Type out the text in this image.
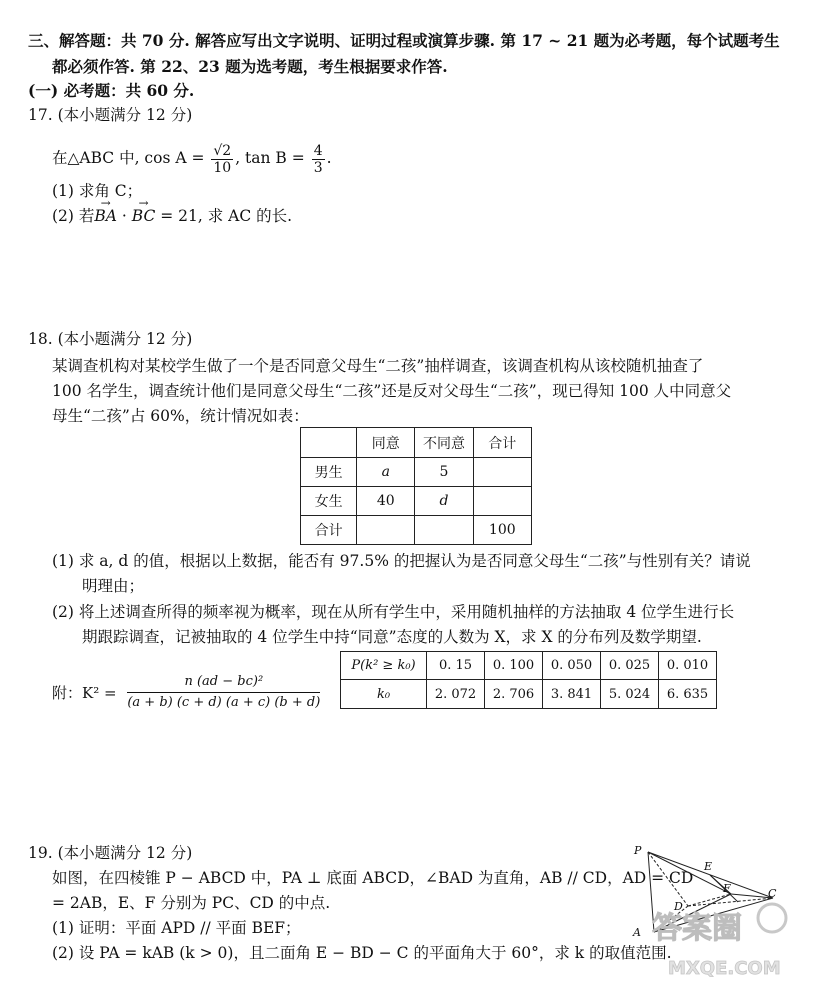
三、解答题：共 70 分. 解答应写出文字说明、证明过程或演算步骤. 第 17 ~ 21 题为必考题，每个试题考生
都必须作答. 第 22、23 题为选考题，考生根据要求作答.
(一) 必考题：共 60 分.
17. (本小题满分 12 分)
在△ABC 中, $\cos A = \frac{√2}{10}$ , $\tan B = \frac{4}{3}$ .
(1) 求角 C；
(2) 若→ BA · → BC = 21, 求 AC 的长.
18. (本小题满分 12 分)
某调查机构对某校学生做了一个是否同意父母生“二孩”抽样调查，该调查机构从该校随机抽查了
100 名学生，调查统计他们是同意父母生“二孩”还是反对父母生“二孩”，现已得知 100 人中同意父
母生“二孩”占 60%，统计情况如表：
	同意	不同意	合计
男生	a	5	
女生	40	d	
合计			100
(1) 求 a, d 的值，根据以上数据，能否有 97.5% 的把握认为是否同意父母生“二孩”与性别有关？请说
明理由；
(2) 将上述调查所得的频率视为概率，现在从所有学生中，采用随机抽样的方法抽取 4 位学生进行长
期跟踪调查，记被抽取的 4 位学生中持“同意”态度的人数为 X，求 X 的分布列及数学期望.
附：$K^2 = \frac{\text{n (ad − bc)²}}{(a + b) (c + d) (a + c) (b + d)}$
P(k² ≥ k₀)	0. 15	0. 100	0. 050	0. 025	0. 010
k₀	2. 072	2. 706	3. 841	5. 024	6. 635
19. (本小题满分 12 分)
如图，在四棱锥 P − ABCD 中，PA ⊥ 底面 ABCD，∠BAD 为直角，AB // CD，AD = CD
= 2AB，E、F 分别为 PC、CD 的中点.
(1) 证明：平面 APD // 平面 BEF；
(2) 设 PA = kAB (k > 0)，且二面角 E − BD − C 的平面角大于 60°，求 k 的取值范围.
P
E
F
D
C
A 答案圈
MXQE.COM
